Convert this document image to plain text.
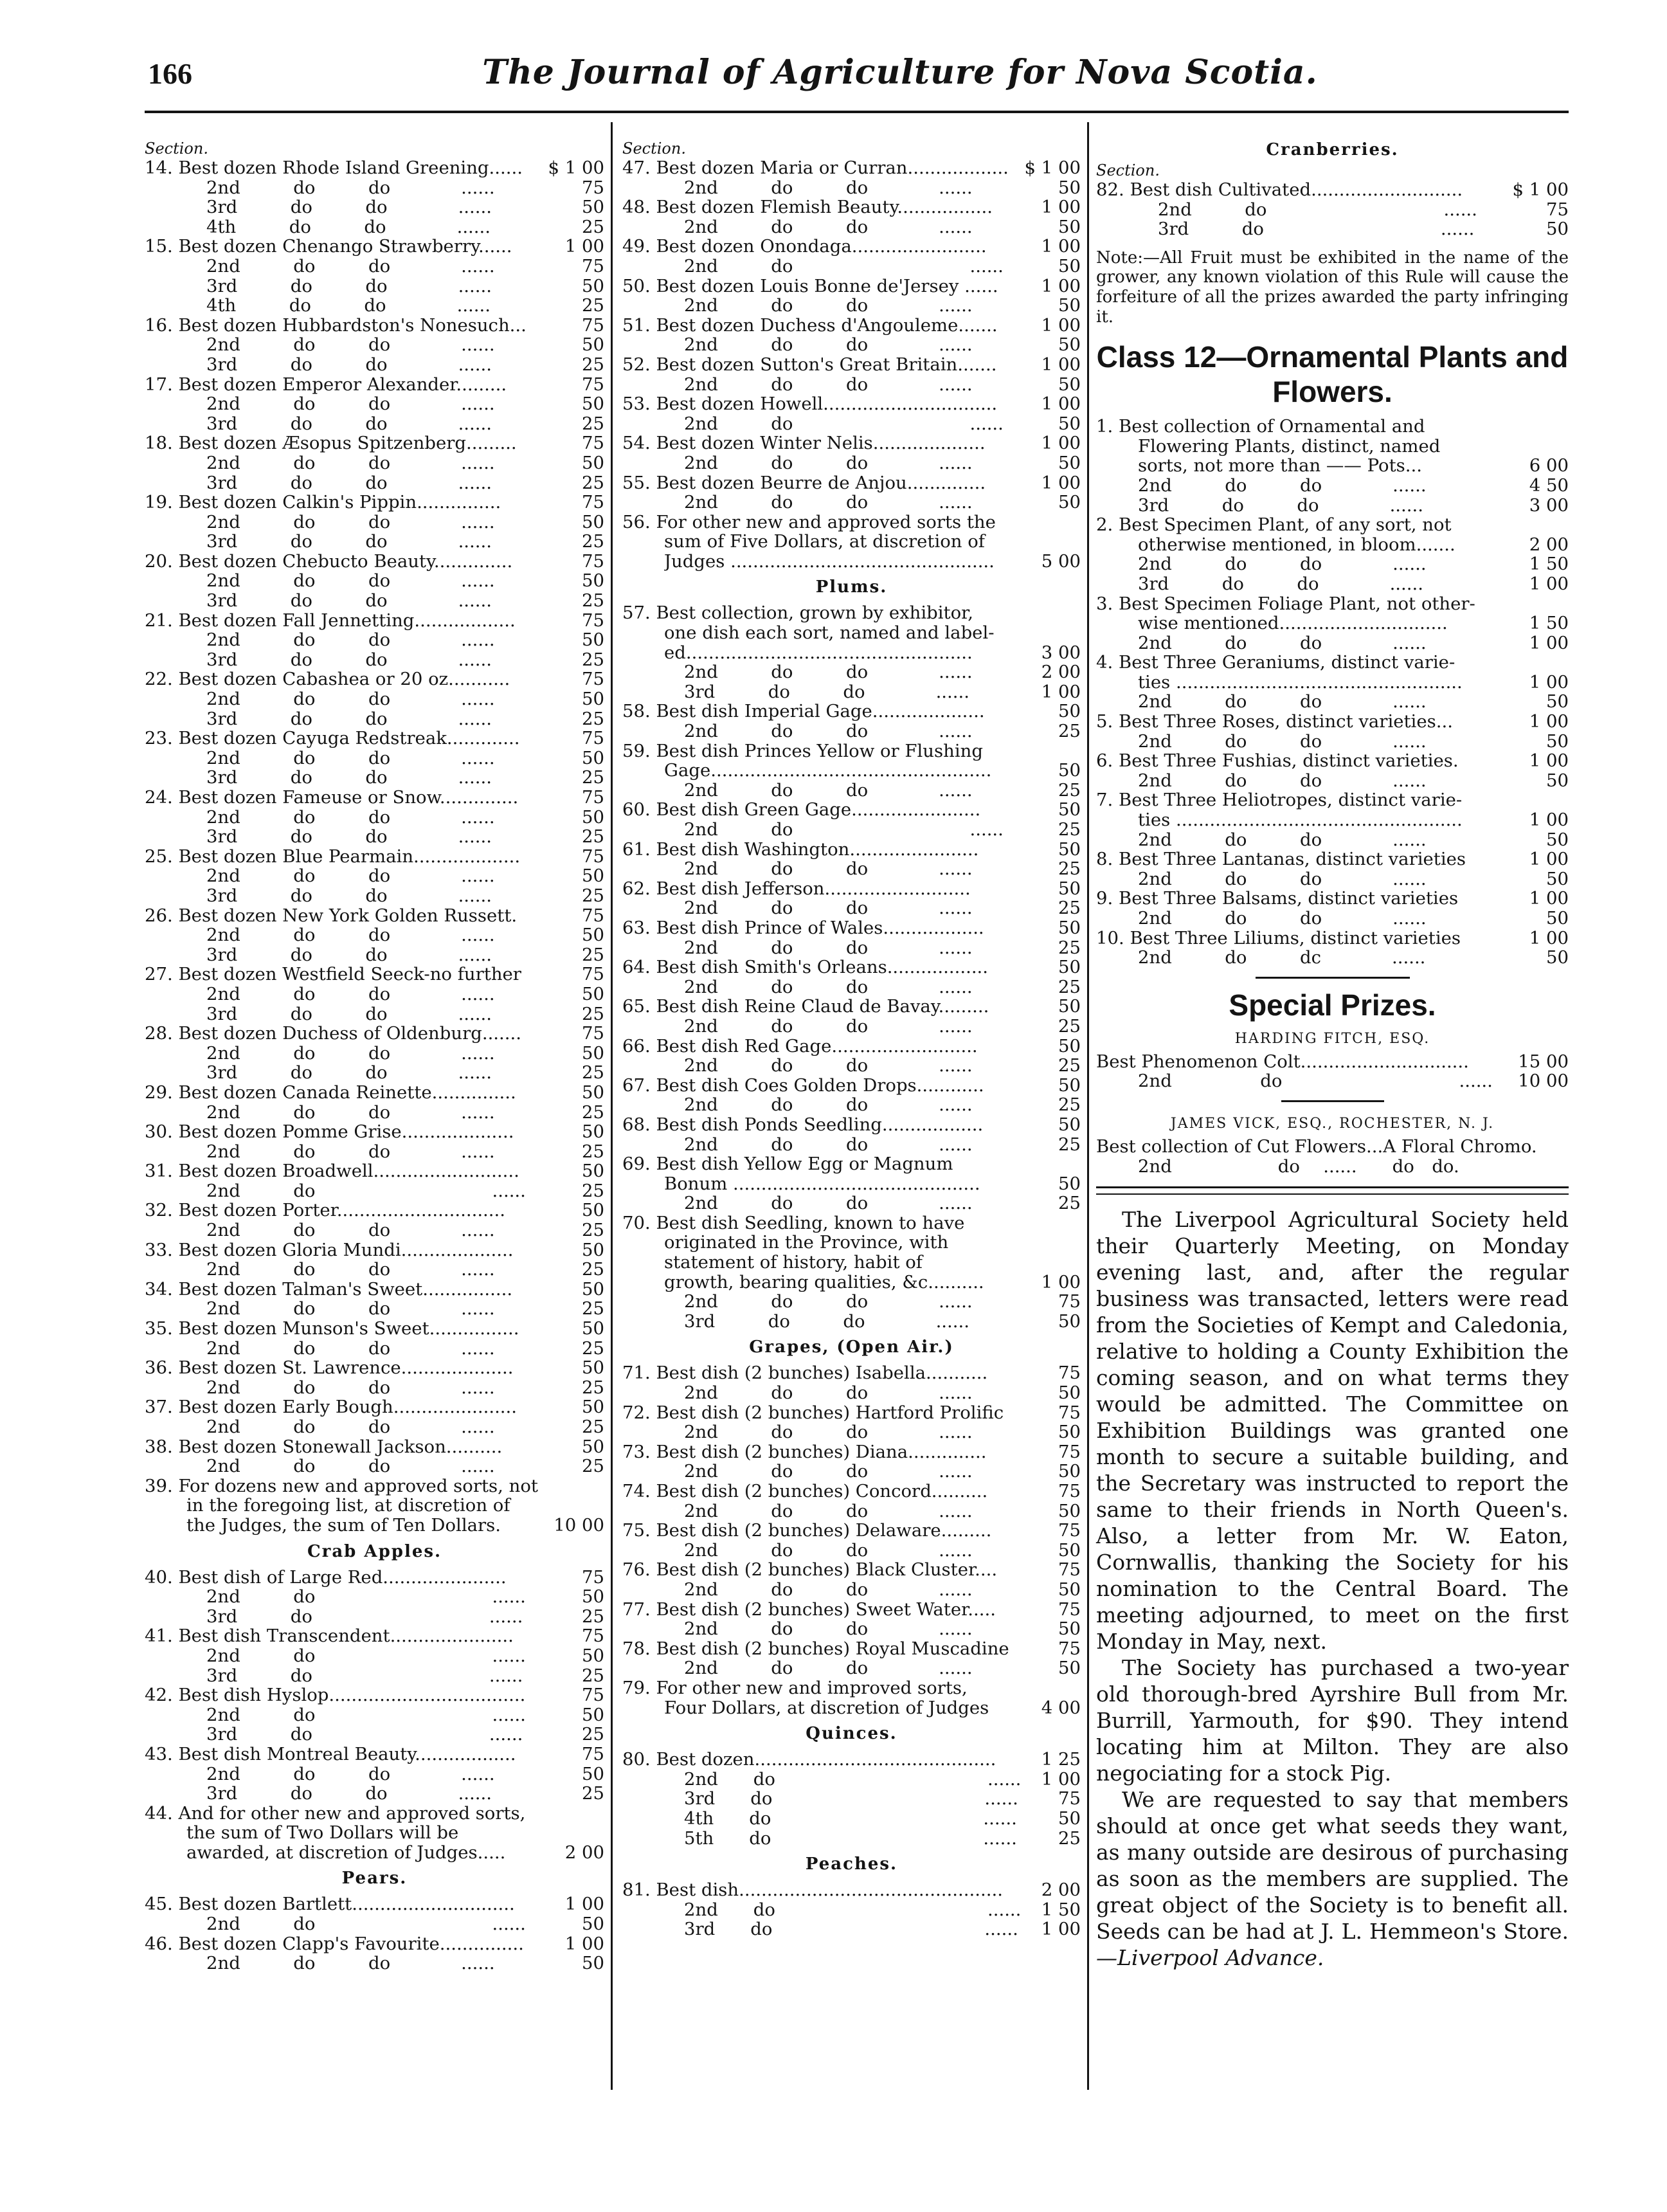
166	The Journal of Agriculture for Nova Scotia.
Section.
14. Best dozen Rhode Island Greening......	$ 1 00
2nd   do   do    ......	75
3rd   do   do    ......	50
4th   do   do    ......	25
15. Best dozen Chenango Strawberry......	1 00
2nd   do   do    ......	75
3rd   do   do    ......	50
4th   do   do    ......	25
16. Best dozen Hubbardston's Nonesuch...	75
2nd   do   do    ......	50
3rd   do   do    ......	25
17. Best dozen Emperor Alexander.........	75
2nd   do   do    ......	50
3rd   do   do    ......	25
18. Best dozen Æsopus Spitzenberg.........	75
2nd   do   do    ......	50
3rd   do   do    ......	25
19. Best dozen Calkin's Pippin...............	75
2nd   do   do    ......	50
3rd   do   do    ......	25
20. Best dozen Chebucto Beauty..............	75
2nd   do   do    ......	50
3rd   do   do    ......	25
21. Best dozen Fall Jennetting..................	75
2nd   do   do    ......	50
3rd   do   do    ......	25
22. Best dozen Cabashea or 20 oz...........	75
2nd   do   do    ......	50
3rd   do   do    ......	25
23. Best dozen Cayuga Redstreak.............	75
2nd   do   do    ......	50
3rd   do   do    ......	25
24. Best dozen Fameuse or Snow..............	75
2nd   do   do    ......	50
3rd   do   do    ......	25
25. Best dozen Blue Pearmain...................	75
2nd   do   do    ......	50
3rd   do   do    ......	25
26. Best dozen New York Golden Russett.	75
2nd   do   do    ......	50
3rd   do   do    ......	25
27. Best dozen Westfield Seeck-no further	75
2nd   do   do    ......	50
3rd   do   do    ......	25
28. Best dozen Duchess of Oldenburg.......	75
2nd   do   do    ......	50
3rd   do   do    ......	25
29. Best dozen Canada Reinette...............	50
2nd   do   do    ......	25
30. Best dozen Pomme Grise....................	50
2nd   do   do    ......	25
31. Best dozen Broadwell..........................	50
2nd   do          ......	25
32. Best dozen Porter..............................	50
2nd   do   do    ......	25
33. Best dozen Gloria Mundi....................	50
2nd   do   do    ......	25
34. Best dozen Talman's Sweet................	50
2nd   do   do    ......	25
35. Best dozen Munson's Sweet................	50
2nd   do   do    ......	25
36. Best dozen St. Lawrence....................	50
2nd   do   do    ......	25
37. Best dozen Early Bough......................	50
2nd   do   do    ......	25
38. Best dozen Stonewall Jackson..........	50
2nd   do   do    ......	25
39. For dozens new and approved sorts, not
in the foregoing list, at discretion of
the Judges, the sum of Ten Dollars.	10 00
Crab Apples.
40. Best dish of Large Red......................	75
2nd   do          ......	50
3rd   do          ......	25
41. Best dish Transcendent......................	75
2nd   do          ......	50
3rd   do          ......	25
42. Best dish Hyslop...................................	75
2nd   do          ......	50
3rd   do          ......	25
43. Best dish Montreal Beauty..................	75
2nd   do   do    ......	50
3rd   do   do    ......	25
44. And for other new and approved sorts,
the sum of Two Dollars will be
awarded, at discretion of Judges.....	2 00
Pears.
45. Best dozen Bartlett.............................	1 00
2nd   do          ......	50
46. Best dozen Clapp's Favourite...............	1 00
2nd   do   do    ......	50
Section.
47. Best dozen Maria or Curran.................. $ 1 00
2nd   do   do    ......	50
48. Best dozen Flemish Beauty.................	1 00
2nd   do   do    ......	50
49. Best dozen Onondaga........................	1 00
2nd   do          ......	50
50. Best dozen Louis Bonne de'Jersey ......	1 00
2nd   do   do    ......	50
51. Best dozen Duchess d'Angouleme.......	1 00
2nd   do   do    ......	50
52. Best dozen Sutton's Great Britain.......	1 00
2nd   do   do    ......	50
53. Best dozen Howell...............................	1 00
2nd   do          ......	50
54. Best dozen Winter Nelis....................	1 00
2nd   do   do    ......	50
55. Best dozen Beurre de Anjou..............	1 00
2nd   do   do    ......	50
56. For other new and approved sorts the
sum of Five Dollars, at discretion of
Judges ...............................................	5 00
Plums.
57. Best collection, grown by exhibitor,
one dish each sort, named and label-
ed...................................................	3 00
2nd   do   do    ......	2 00
3rd   do   do    ......	1 00
58. Best dish Imperial Gage....................	50
2nd   do   do    ......	25
59. Best dish Princes Yellow or Flushing
Gage..................................................	50
2nd   do   do    ......	25
60. Best dish Green Gage.......................	50
2nd   do          ......	25
61. Best dish Washington.......................	50
2nd   do   do    ......	25
62. Best dish Jefferson..........................	50
2nd   do   do    ......	25
63. Best dish Prince of Wales..................	50
2nd   do   do    ......	25
64. Best dish Smith's Orleans..................	50
2nd   do   do    ......	25
65. Best dish Reine Claud de Bavay.........	50
2nd   do   do    ......	25
66. Best dish Red Gage..........................	50
2nd   do   do    ......	25
67. Best dish Coes Golden Drops............	50
2nd   do   do    ......	25
68. Best dish Ponds Seedling..................	50
2nd   do   do    ......	25
69. Best dish Yellow Egg or Magnum
Bonum ............................................	50
2nd   do   do    ......	25
70. Best dish Seedling, known to have
originated in the Province, with
statement of history, habit of
growth, bearing qualities, &c..........	1 00
2nd   do   do    ......	75
3rd   do   do    ......	50
Grapes, (Open Air.)
71. Best dish (2 bunches) Isabella...........	75
2nd   do   do    ......	50
72. Best dish (2 bunches) Hartford Prolific	75
2nd   do   do    ......	50
73. Best dish (2 bunches) Diana..............	75
2nd   do   do    ......	50
74. Best dish (2 bunches) Concord..........	75
2nd   do   do    ......	50
75. Best dish (2 bunches) Delaware.........	75
2nd   do   do    ......	50
76. Best dish (2 bunches) Black Cluster....	75
2nd   do   do    ......	50
77. Best dish (2 bunches) Sweet Water.....	75
2nd   do   do    ......	50
78. Best dish (2 bunches) Royal Muscadine	75
2nd   do   do    ......	50
79. For other new and improved sorts,
Four Dollars, at discretion of Judges	4 00
Quinces.
80. Best dozen...........................................	1 25
2nd  do            ......	1 00
3rd  do            ......	75
4th  do            ......	50
5th  do            ......	25
Peaches.
81. Best dish...............................................	2 00
2nd  do            ......	1 50
3rd  do            ......	1 00
Cranberries.
Section.
82. Best dish Cultivated...........................	$ 1 00
2nd   do          ......	75
3rd   do          ......	50
Note:—All Fruit must be exhibited in the name of the grower, any known violation of this Rule will cause the forfeiture of all the prizes awarded the party infringing it.
Class 12—Ornamental Plants and Flowers.
1. Best collection of Ornamental and
Flowering Plants, distinct, named
sorts, not more than —— Pots...	6 00
2nd   do   do    ......	4 50
3rd   do   do    ......	3 00
2. Best Specimen Plant, of any sort, not
otherwise mentioned, in bloom.......	2 00
2nd   do   do    ......	1 50
3rd   do   do    ......	1 00
3. Best Specimen Foliage Plant, not other-
wise mentioned..............................	1 50
2nd   do   do    ......	1 00
4. Best Three Geraniums, distinct varie-
ties ...................................................	1 00
2nd   do   do    ......	50
5. Best Three Roses, distinct varieties...	1 00
2nd   do   do    ......	50
6. Best Three Fushias, distinct varieties.	1 00
2nd   do   do    ......	50
7. Best Three Heliotropes, distinct varie-
ties ...................................................	1 00
2nd   do   do    ......	50
8. Best Three Lantanas, distinct varieties	1 00
2nd   do   do    ......	50
9. Best Three Balsams, distinct varieties	1 00
2nd   do   do    ......	50
10. Best Three Liliums, distinct varieties	1 00
2nd   do   dc    ......	50
Special Prizes.
HARDING FITCH, ESQ.
Best Phenomenon Colt..............................	15 00
2nd     do          ......	10 00
JAMES VICK, ESQ., ROCHESTER, N. J.
Best collection of Cut Flowers...A Floral Chromo.
2nd      do  ......  do do.

The Liverpool Agricultural Society held their Quarterly Meeting, on Monday evening last, and, after the regular business was transacted, letters were read from the Societies of Kempt and Caledonia, relative to holding a County Exhibition the coming season, and on what terms they would be admitted. The Committee on Exhibition Buildings was granted one month to secure a suitable building, and the Secretary was instructed to report the same to their friends in North Queen's. Also, a letter from Mr. W. Eaton, Cornwallis, thanking the Society for his nomination to the Central Board. The meeting adjourned, to meet on the first Monday in May, next.

The Society has purchased a two-year old thorough-bred Ayrshire Bull from Mr. Burrill, Yarmouth, for $90. They intend locating him at Milton. They are also negociating for a stock Pig.

We are requested to say that members should at once get what seeds they want, as many outside are desirous of purchasing as soon as the members are supplied. The great object of the Society is to benefit all. Seeds can be had at J. L. Hemmeon's Store.—Liverpool Advance.
